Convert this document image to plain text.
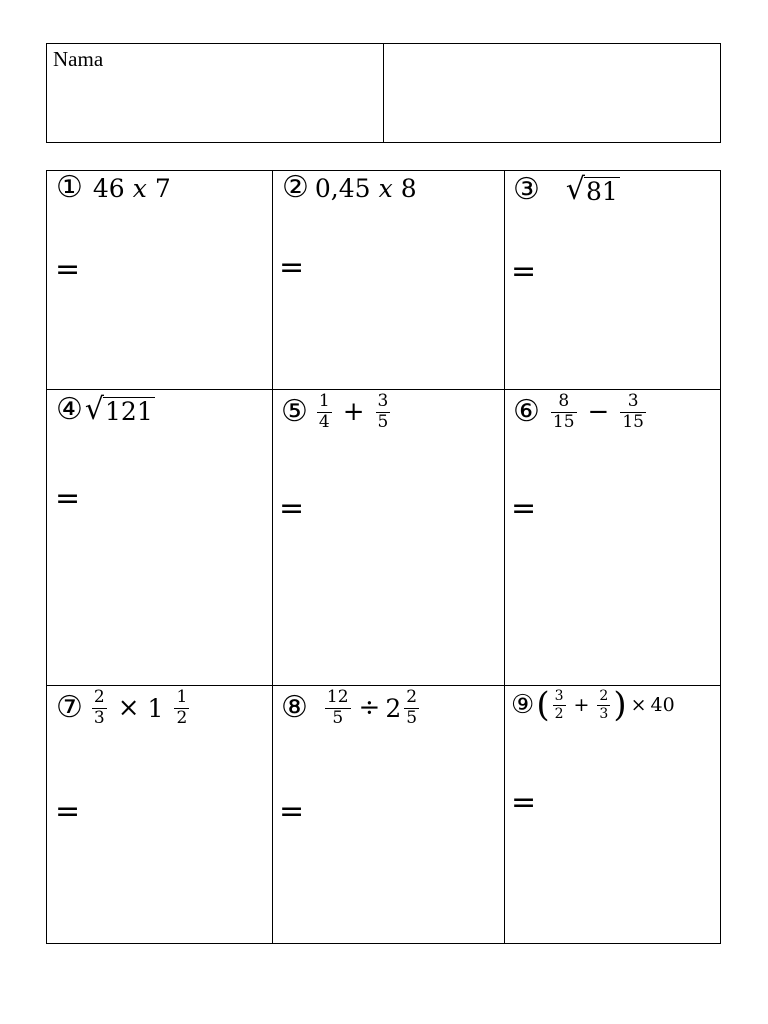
Nama
① 46 x 7
=
② 0,45 x 8
=
③ √ 81
=
④ √ 121
=
⑤ $\frac{1}{4} + \frac{3}{5}$
=
⑥ $\frac{8}{15} - \frac{3}{15}$
=
⑦ $\frac{2}{3} \times 1 \frac{1}{2}$
=
⑧ $\frac{12}{5} \div 2 \frac{2}{5}$
=
⑨ ( $\frac{3}{2} + \frac{2}{3}$ ) × 40
=
